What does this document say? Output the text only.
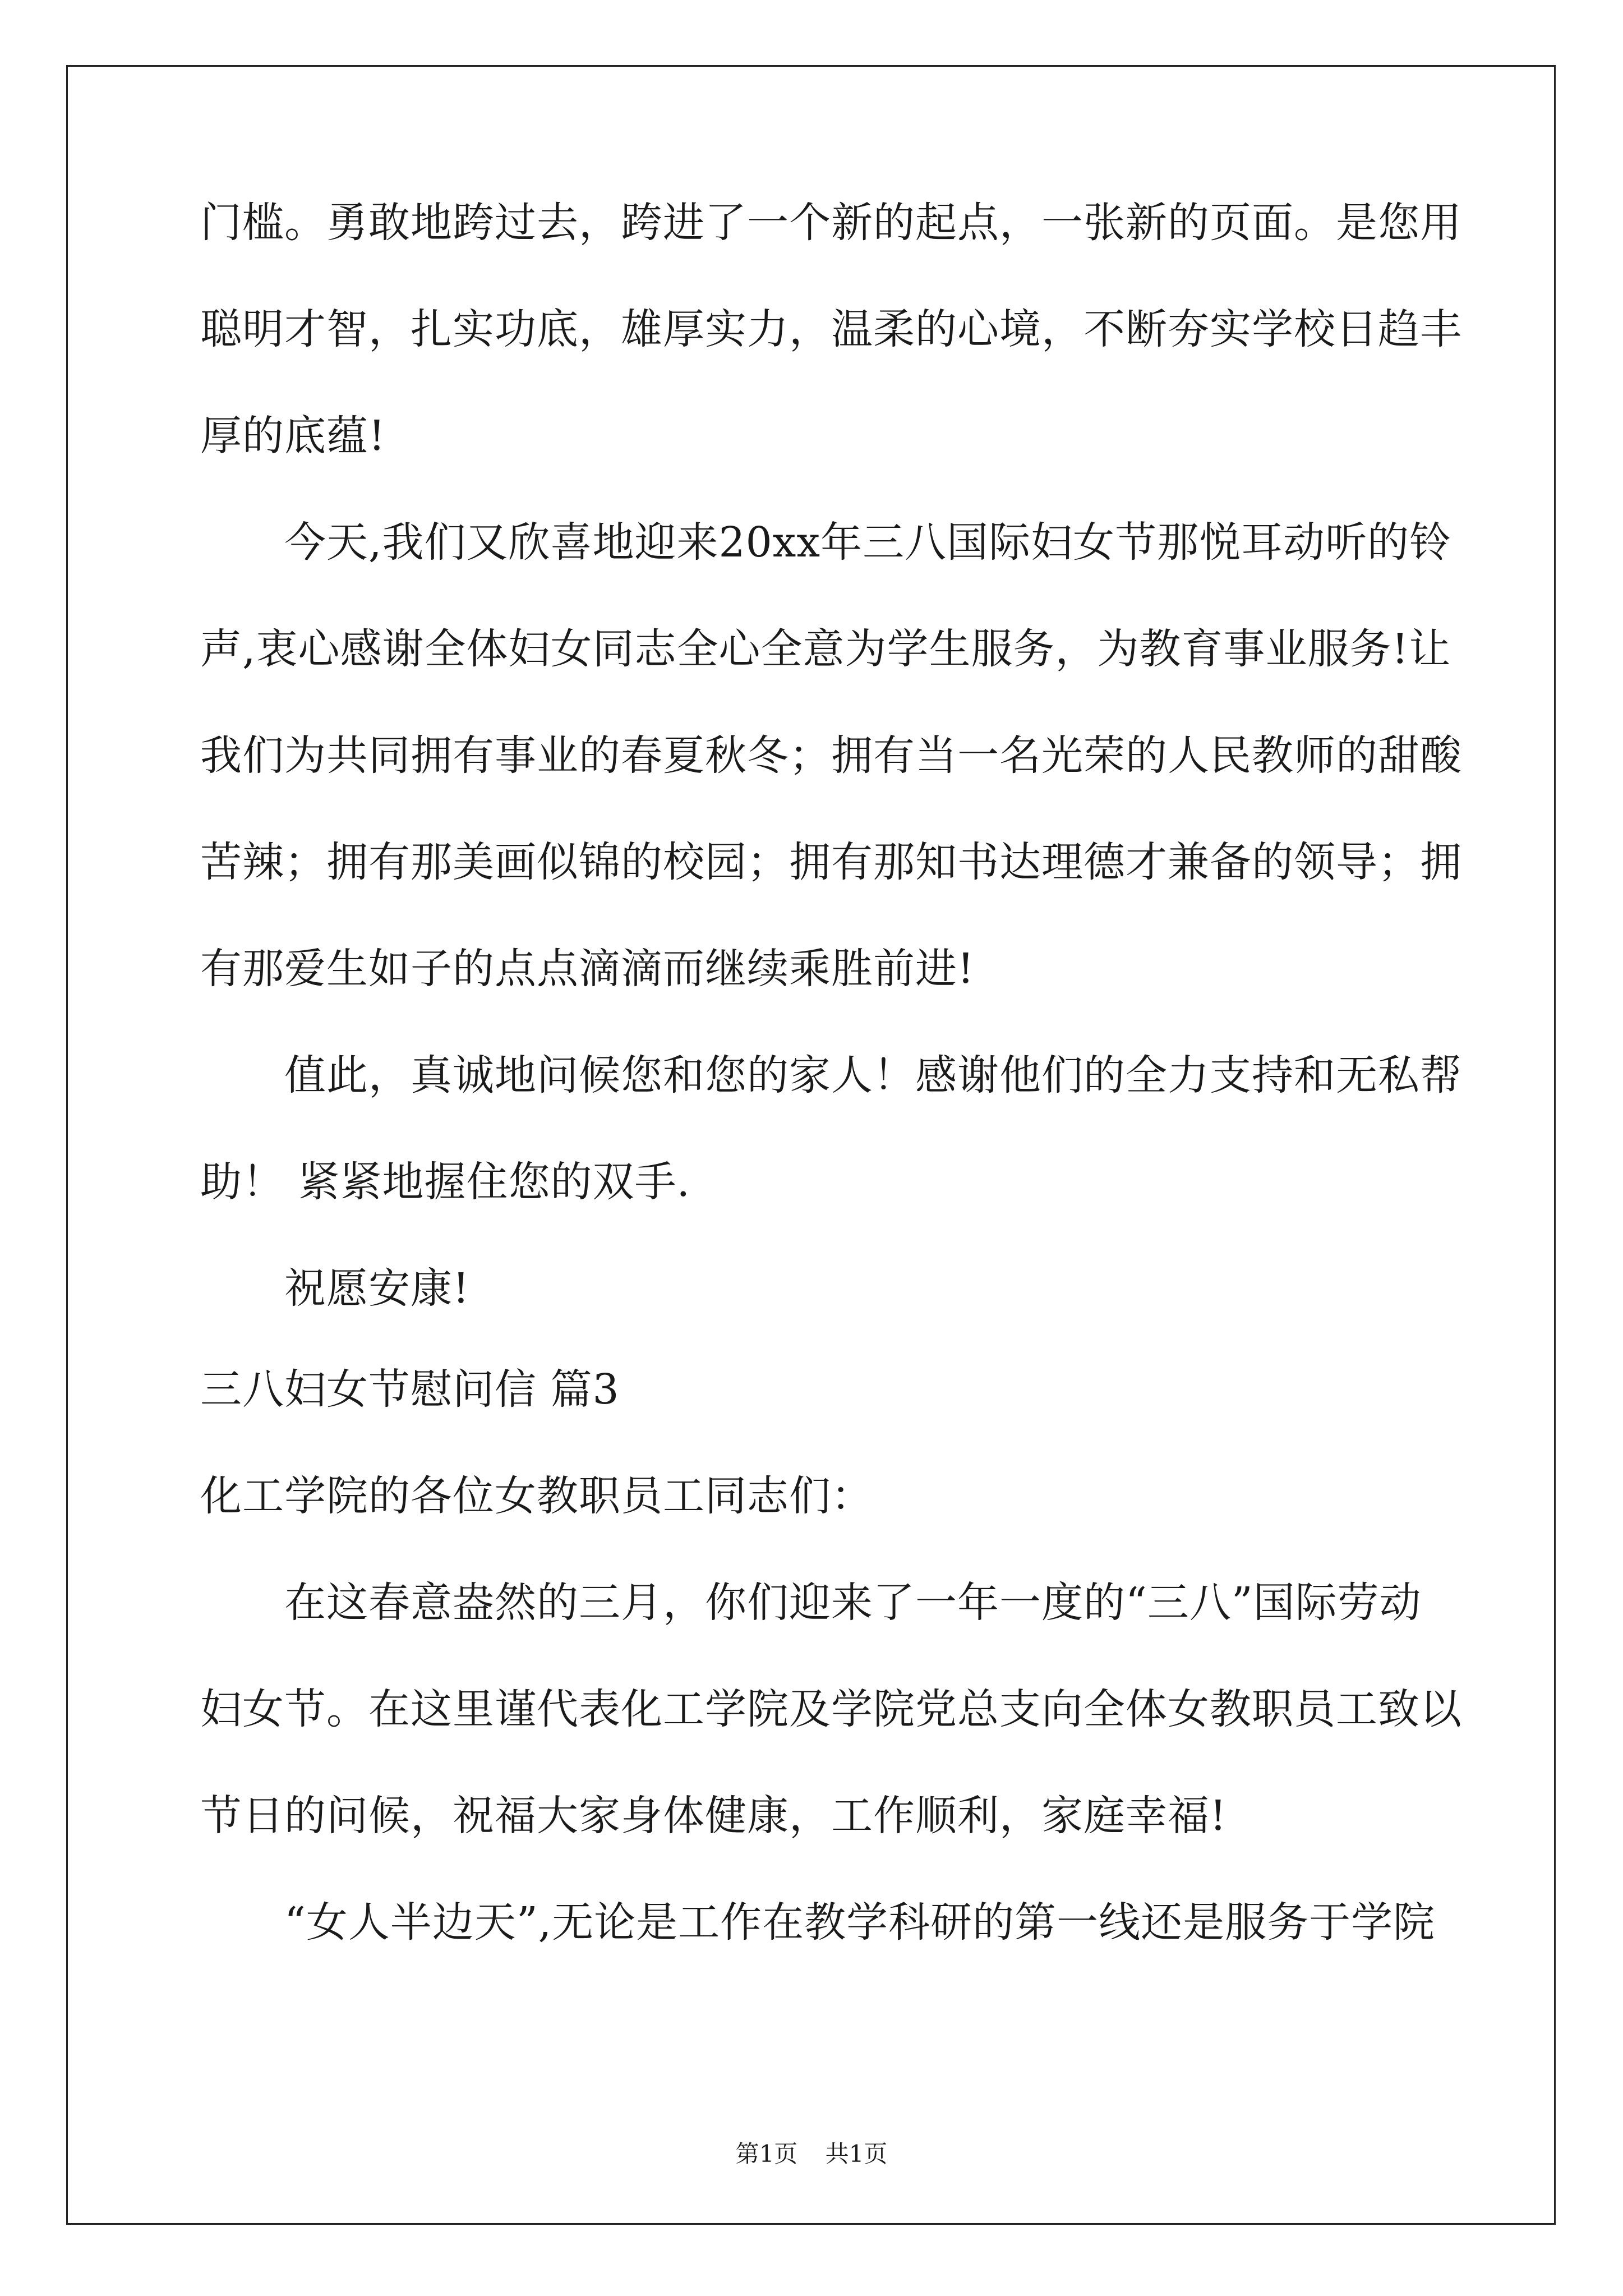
门 槛 。 勇 敢 地 跨 过 去 ， 跨 进 了 一 个 新 的 起 点 ， 一 张 新 的 页 面 。 是 您 用
聪 明 才 智 ， 扎 实 功 底 ， 雄 厚 实 力 ， 温 柔 的 心 境 ， 不 断 夯 实 学 校 日 趋 丰
厚的底蕴!
今天,我们又欣喜地迎来20xx年三八国际妇女节那悦耳动听的铃
声,衷心感谢全体妇女同志全心全意为学生服务，为教育事业服务!让
我 们 为 共 同 拥 有 事 业 的 春 夏 秋 冬 ； 拥 有 当 一 名 光 荣 的 人 民 教 师 的 甜 酸
苦 辣 ； 拥 有 那 美 画 似 锦 的 校 园 ； 拥 有 那 知 书 达 理 德 才 兼 备 的 领 导 ； 拥
有那爱生如子的点点滴滴而继续乘胜前进!
值此，真诚地问候您和您的家人！感谢他们的全力支持和无私帮
助！ 紧紧地握住您的双手.
祝愿安康!
三八妇女节慰问信 篇3
化工学院的各位女教职员工同志们：
在这春意盎然的三月，你们迎来了一年一度的“三八”国际劳动
妇 女 节 。 在 这 里 谨 代 表 化 工 学 院 及 学 院 党 总 支 向 全 体 女 教 职 员 工 致 以
节日的问候，祝福大家身体健康，工作顺利，家庭幸福!
“女人半边天”,无论是工作在教学科研的第一线还是服务于学院
第1页 共1页
